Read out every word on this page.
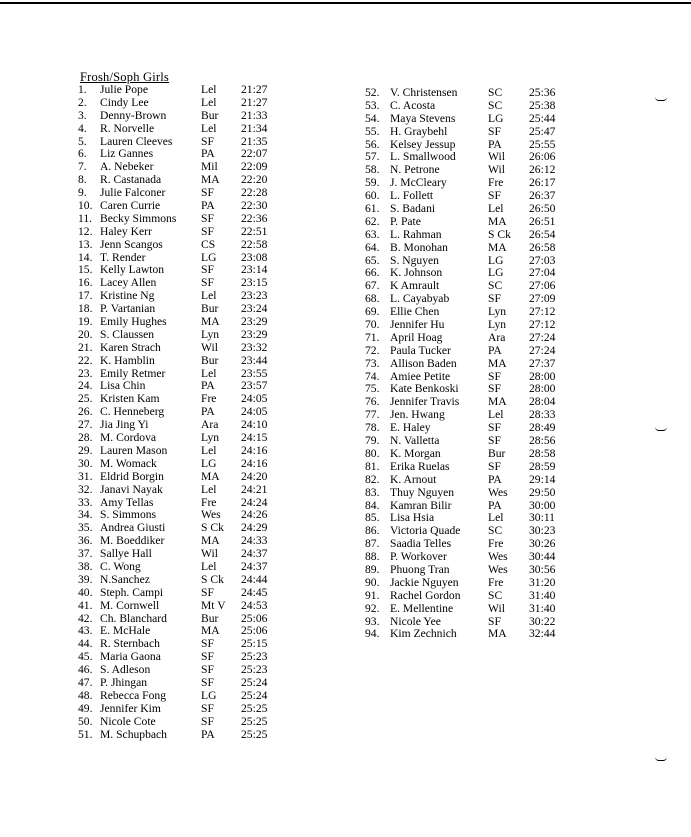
Frosh/Soph Girls
1. Julie Pope	Lel 21:27
2. Cindy Lee	Lel 21:27
3. Denny-Brown	Bur 21:33
4. R. Norvelle	Lel 21:34
5. Lauren Cleeves SF 21:35
6. Liz Gannes	PA 22:07
7. A. Nebeker	Mil 22:09
8. R. Castanada	MA 22:20
9. Julie Falconer	SF 22:28
10. Caren Currie	PA 22:30
11. Becky Simmons SF 22:36
12. Haley Kerr	SF 22:51
13. Jenn Scangos	CS 22:58
14. T. Render	LG 23:08
15. Kelly Lawton	SF 23:14
16. Lacey Allen	SF 23:15
17. Kristine Ng	Lel 23:23
18. P. Vartanian	Bur 23:24
19. Emily Hughes	MA 23:29
20. S. Claussen	Lyn 23:29
21. Karen Strach	Wil 23:32
22. K. Hamblin	Bur 23:44
23. Emily Retmer	Lel 23:55
24. Lisa Chin	PA 23:57
25. Kristen Kam	Fre 24:05
26. C. Henneberg	PA 24:05
27. Jia Jing Yi	Ara 24:10
28. M. Cordova	Lyn 24:15
29. Lauren Mason	Lel 24:16
30. M. Womack	LG 24:16
31. Eldrid Borgin	MA 24:20
32. Janavi Nayak	Lel 24:21
33. Amy Tellas	Fre 24:24
34. S. Simmons	Wes 24:26
35. Andrea Giusti	S Ck 24:29
36. M. Boeddiker	MA 24:33
37. Sallye Hall	Wil 24:37
38. C. Wong	Lel 24:37
39. N.Sanchez	S Ck 24:44
40. Steph. Campi	SF 24:45
41. M. Cornwell	Mt V 24:53
42. Ch. Blanchard	Bur 25:06
43. E. McHale	MA 25:06
44. R. Sternbach	SF 25:15
45. Maria Gaona	SF 25:23
46. S. Adleson	SF 25:23
47. P. Jhingan	SF 25:24
48. Rebecca Fong	LG 25:24
49. Jennifer Kim	SF 25:25
50. Nicole Cote	SF 25:25
51. M. Schupbach	PA 25:25
52. V. Christensen	SC 25:36
53. C. Acosta	SC 25:38
54. Maya Stevens	LG 25:44
55. H. Graybehl	SF 25:47
56. Kelsey Jessup	PA 25:55
57. L. Smallwood	Wil 26:06
58. N. Petrone	Wil 26:12
59. J. McCleary	Fre 26:17
60. L. Follett	SF 26:37
61. S. Badani	Lel 26:50
62. P. Pate	MA 26:51
63. L. Rahman	S Ck 26:54
64. B. Monohan	MA 26:58
65. S. Nguyen	LG 27:03
66. K. Johnson	LG 27:04
67. K Amrault	SC 27:06
68. L. Cayabyab	SF 27:09
69. Ellie Chen	Lyn 27:12
70. Jennifer Hu	Lyn 27:12
71. April Hoag	Ara 27:24
72. Paula Tucker	PA 27:24
73. Allison Baden	MA 27:37
74. Amiee Petite	SF 28:00
75. Kate Benkoski	SF 28:00
76. Jennifer Travis MA 28:04
77. Jen. Hwang	Lel 28:33
78. E. Haley	SF 28:49
79. N. Valletta	SF 28:56
80. K. Morgan	Bur 28:58
81. Erika Ruelas	SF 28:59
82. K. Arnout	PA 29:14
83. Thuy Nguyen	Wes 29:50
84. Kamran Bilir	PA 30:00
85. Lisa Hsia	Lel 30:11
86. Victoria Quade SC 30:23
87. Saadia Telles	Fre 30:26
88. P. Workover	Wes 30:44
89. Phuong Tran	Wes 30:56
90. Jackie Nguyen	Fre 31:20
91. Rachel Gordon SC 31:40
92. E. Mellentine	Wil 31:40
93. Nicole Yee	SF 30:22
94. Kim Zechnich	MA 32:44
